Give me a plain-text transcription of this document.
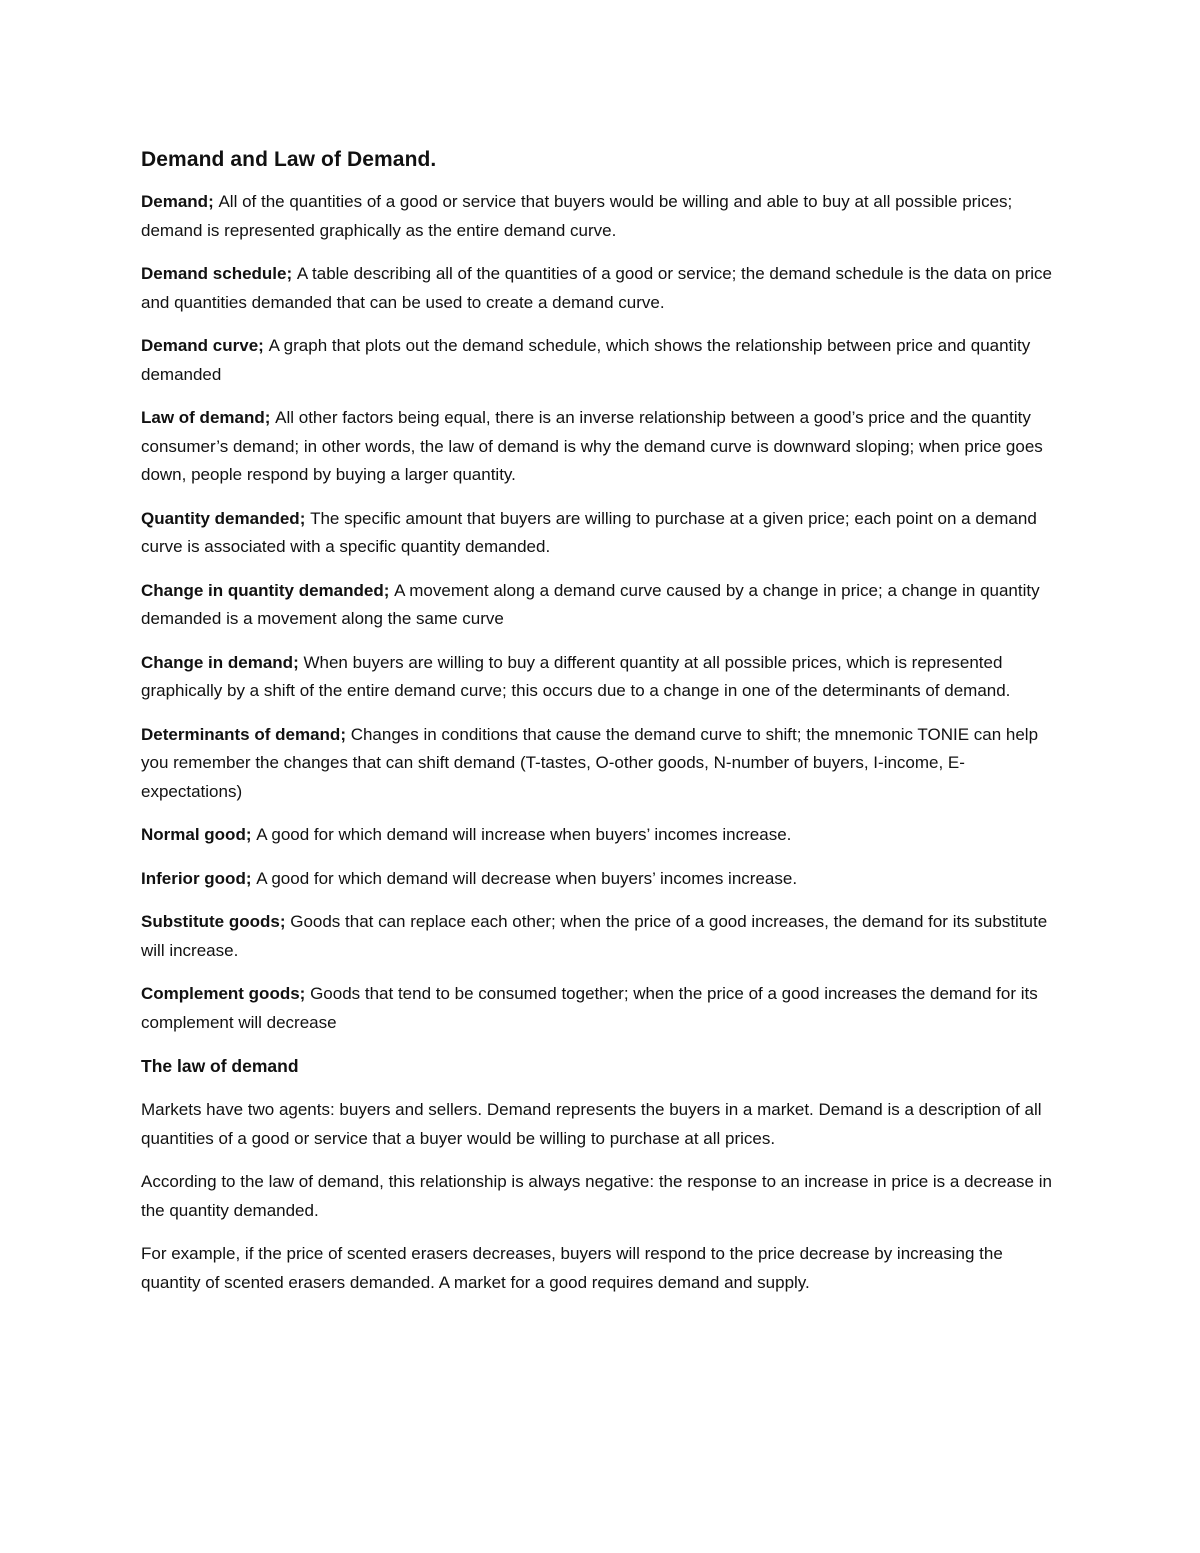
Demand and Law of Demand.

Demand; All of the quantities of a good or service that buyers would be willing and able to buy at all possible prices; demand is represented graphically as the entire demand curve.

Demand schedule; A table describing all of the quantities of a good or service; the demand schedule is the data on price and quantities demanded that can be used to create a demand curve.

Demand curve; A graph that plots out the demand schedule, which shows the relationship between price and quantity demanded

Law of demand; All other factors being equal, there is an inverse relationship between a good’s price and the quantity consumer’s demand; in other words, the law of demand is why the demand curve is downward sloping; when price goes down, people respond by buying a larger quantity.

Quantity demanded; The specific amount that buyers are willing to purchase at a given price; each point on a demand curve is associated with a specific quantity demanded.

Change in quantity demanded; A movement along a demand curve caused by a change in price; a change in quantity demanded is a movement along the same curve

Change in demand; When buyers are willing to buy a different quantity at all possible prices, which is represented graphically by a shift of the entire demand curve; this occurs due to a change in one of the determinants of demand.

Determinants of demand; Changes in conditions that cause the demand curve to shift; the mnemonic TONIE can help you remember the changes that can shift demand (T-tastes, O-other goods, N-number of buyers, I-income, E-expectations)

Normal good; A good for which demand will increase when buyers’ incomes increase.

Inferior good; A good for which demand will decrease when buyers’ incomes increase.

Substitute goods; Goods that can replace each other; when the price of a good increases, the demand for its substitute will increase.

Complement goods; Goods that tend to be consumed together; when the price of a good increases the demand for its complement will decrease

The law of demand

Markets have two agents: buyers and sellers. Demand represents the buyers in a market. Demand is a description of all quantities of a good or service that a buyer would be willing to purchase at all prices.

According to the law of demand, this relationship is always negative: the response to an increase in price is a decrease in the quantity demanded.

For example, if the price of scented erasers decreases, buyers will respond to the price decrease by increasing the quantity of scented erasers demanded. A market for a good requires demand and supply.
